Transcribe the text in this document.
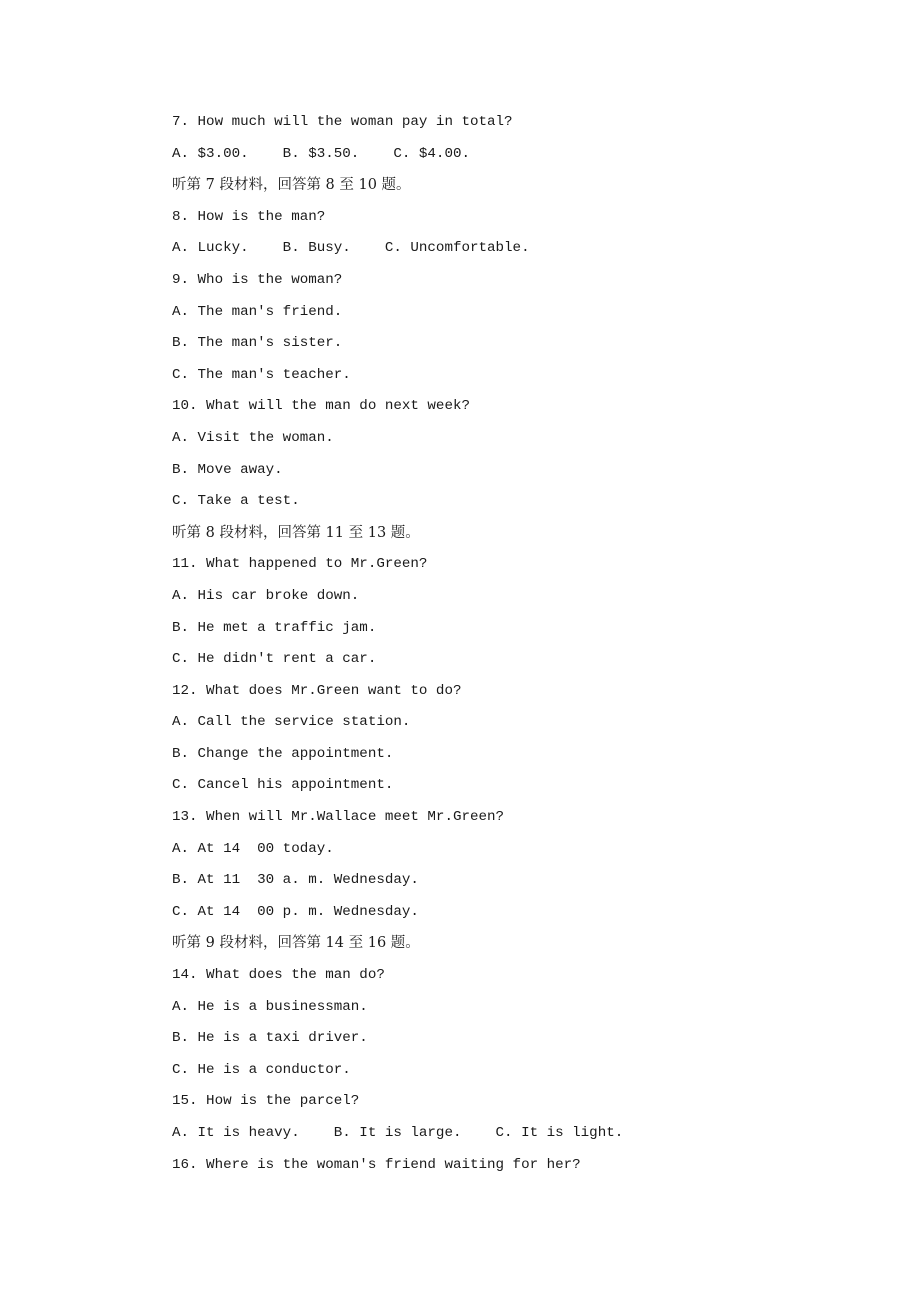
7. How much will the woman pay in total?
A. $3.00.    B. $3.50.    C. $4.00.
听第 7 段材料，回答第 8 至 10 题。
8. How is the man?
A. Lucky.    B. Busy.    C. Uncomfortable.
9. Who is the woman?
A. The man's friend.
B. The man's sister.
C. The man's teacher.
10. What will the man do next week?
A. Visit the woman.
B. Move away.
C. Take a test.
听第 8 段材料，回答第 11 至 13 题。
11. What happened to Mr.Green?
A. His car broke down.
B. He met a traffic jam.
C. He didn't rent a car.
12. What does Mr.Green want to do?
A. Call the service station.
B. Change the appointment.
C. Cancel his appointment.
13. When will Mr.Wallace meet Mr.Green?
A. At 14  00 today.
B. At 11  30 a. m. Wednesday.
C. At 14  00 p. m. Wednesday.
听第 9 段材料，回答第 14 至 16 题。
14. What does the man do?
A. He is a businessman.
B. He is a taxi driver.
C. He is a conductor.
15. How is the parcel?
A. It is heavy.    B. It is large.    C. It is light.
16. Where is the woman's friend waiting for her?
